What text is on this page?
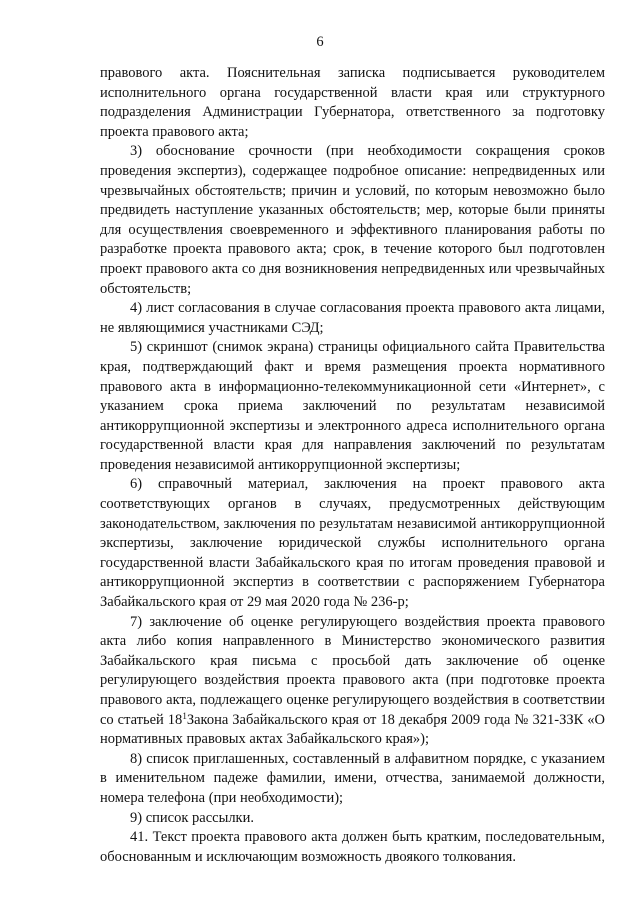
6

правового акта. Пояснительная записка подписывается руководителем исполнительного органа государственной власти края или структурного подразделения Администрации Губернатора, ответственного за подготовку проекта правового акта;

3) обоснование срочности (при необходимости сокращения сроков проведения экспертиз), содержащее подробное описание: непредвиденных или чрезвычайных обстоятельств; причин и условий, по которым невозможно было предвидеть наступление указанных обстоятельств; мер, которые были приняты для осуществления своевременного и эффективного планирования работы по разработке проекта правового акта; срок, в течение которого был подготовлен проект правового акта со дня возникновения непредвиденных или чрезвычайных обстоятельств;

4) лист согласования в случае согласования проекта правового акта лицами, не являющимися участниками СЭД;

5) скриншот (снимок экрана) страницы официального сайта Правительства края, подтверждающий факт и время размещения проекта нормативного правового акта в информационно-телекоммуникационной сети «Интернет», с указанием срока приема заключений по результатам независимой антикоррупционной экспертизы и электронного адреса исполнительного органа государственной власти края для направления заключений по результатам проведения независимой антикоррупционной экспертизы;

6) справочный материал, заключения на проект правового акта соответствующих органов в случаях, предусмотренных действующим законодательством, заключения по результатам независимой антикоррупционной экспертизы, заключение юридической службы исполнительного органа государственной власти Забайкальского края по итогам проведения правовой и антикоррупционной экспертиз в соответствии с распоряжением Губернатора Забайкальского края от 29 мая 2020 года № 236-р;

7) заключение об оценке регулирующего воздействия проекта правового акта либо копия направленного в Министерство экономического развития Забайкальского края письма с просьбой дать заключение об оценке регулирующего воздействия проекта правового акта (при подготовке проекта правового акта, подлежащего оценке регулирующего воздействия в соответствии со статьей $18^1Закона$ Забайкальского края от 18 декабря 2009 года № 321-ЗЗК «О нормативных правовых актах Забайкальского края»);

8) список приглашенных, составленный в алфавитном порядке, с указанием в именительном падеже фамилии, имени, отчества, занимаемой должности, номера телефона (при необходимости);

9) список рассылки.

41. Текст проекта правового акта должен быть кратким, последовательным, обоснованным и исключающим возможность двоякого толкования.
